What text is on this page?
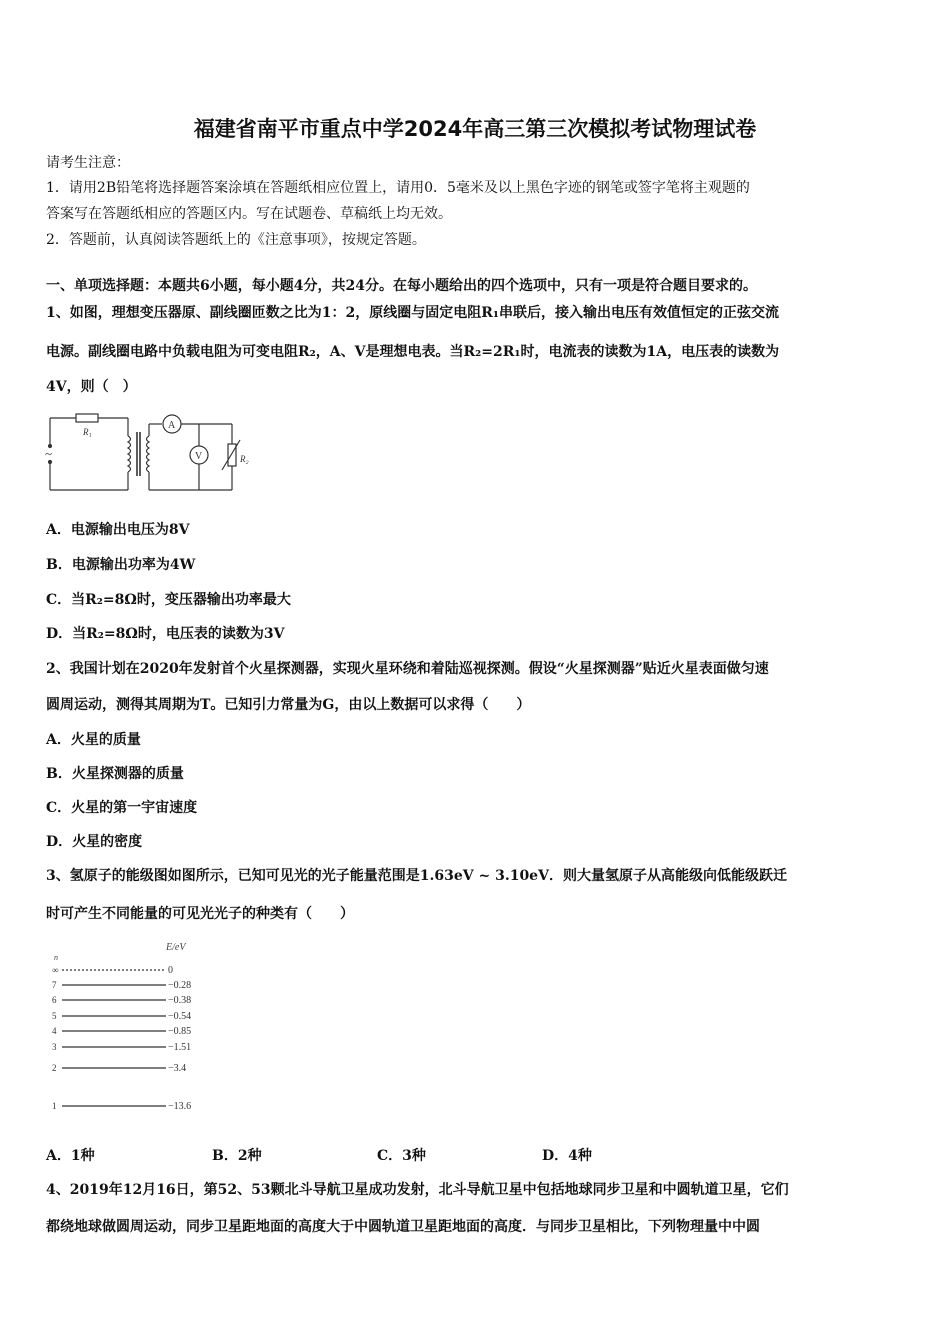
福建省南平市重点中学2024年高三第三次模拟考试物理试卷
请考生注意：
1．请用2B铅笔将选择题答案涂填在答题纸相应位置上，请用0．5毫米及以上黑色字迹的钢笔或签字笔将主观题的
答案写在答题纸相应的答题区内。写在试题卷、草稿纸上均无效。
2．答题前，认真阅读答题纸上的《注意事项》，按规定答题。
一、单项选择题：本题共6小题，每小题4分，共24分。在每小题给出的四个选项中，只有一项是符合题目要求的。
1、如图，理想变压器原、副线圈匝数之比为1：2，原线圈与固定电阻R₁串联后，接入输出电压有效值恒定的正弦交流
电源。副线圈电路中负载电阻为可变电阻R₂，A、V是理想电表。当R₂=2R₁时，电流表的读数为1A，电压表的读数为
4V，则（　）
R₁
A
V	R₂
~
A．电源输出电压为8V
B．电源输出功率为4W
C．当R₂=8Ω时，变压器输出功率最大
D．当R₂=8Ω时，电压表的读数为3V
2、我国计划在2020年发射首个火星探测器，实现火星环绕和着陆巡视探测。假设“火星探测器”贴近火星表面做匀速
圆周运动，测得其周期为T。已知引力常量为G，由以上数据可以求得（　　）
A．火星的质量
B．火星探测器的质量
C．火星的第一宇宙速度
D．火星的密度
3、氢原子的能级图如图所示，已知可见光的光子能量范围是1.63eV ~ 3.10eV．则大量氢原子从高能级向低能级跃迁
时可产生不同能量的可见光光子的种类有（　　）
n
E/eV
∞	0
7	−0.28
6	−0.38
5	−0.54
4	−0.85
3	−1.51
2	−3.4
1	−13.6
A．1种	B．2种	C．3种	D．4种
4、2019年12月16日，第52、53颗北斗导航卫星成功发射，北斗导航卫星中包括地球同步卫星和中圆轨道卫星，它们
都绕地球做圆周运动，同步卫星距地面的高度大于中圆轨道卫星距地面的高度．与同步卫星相比，下列物理量中中圆
